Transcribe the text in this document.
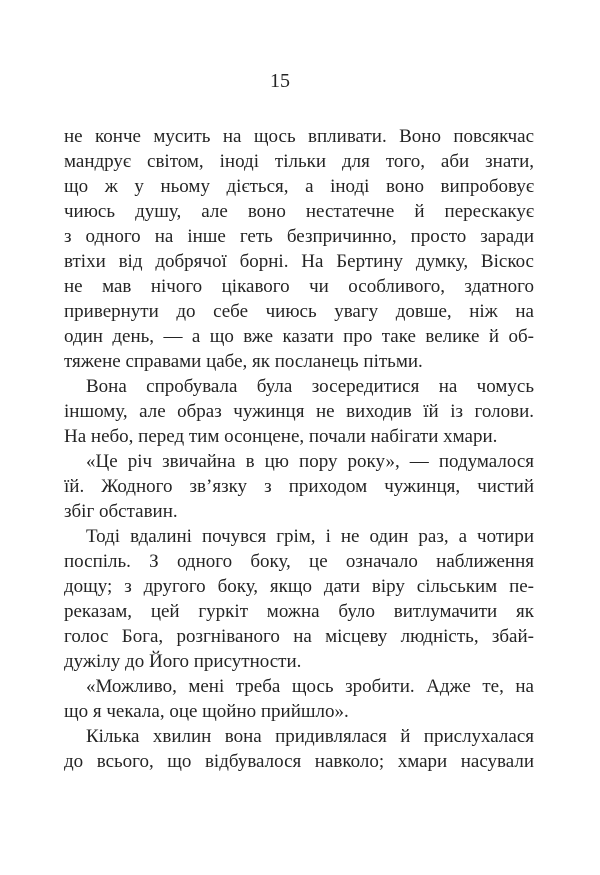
15
не конче мусить на щось впливати. Воно повсякчас
мандрує світом, іноді тільки для того, аби знати,
що ж у ньому діється, а іноді воно випробовує
чиюсь душу, але воно нестатечне й перескакує
з одного на інше геть безпричинно, просто заради
втіхи від добрячої борні. На Бертину думку, Віскос
не мав нічого цікавого чи особливого, здатного
привернути до себе чиюсь увагу довше, ніж на
один день, — а що вже казати про таке велике й об-
тяжене справами цабе, як посланець пітьми.
Вона спробувала була зосередитися на чомусь
іншому, але образ чужинця не виходив їй із голови.
На небо, перед тим осонцене, почали набігати хмари.
«Це річ звичайна в цю пору року», — подумалося
їй. Жодного зв’язку з приходом чужинця, чистий
збіг обставин.
Тоді вдалині почувся грім, і не один раз, а чотири
поспіль. З одного боку, це означало наближення
дощу; з другого боку, якщо дати віру сільським пе-
реказам, цей гуркіт можна було витлумачити як
голос Бога, розгніваного на місцеву людність, збай-
дужілу до Його присутности.
«Можливо, мені треба щось зробити. Адже те, на
що я чекала, оце щойно прийшло».
Кілька хвилин вона придивлялася й прислухалася
до всього, що відбувалося навколо; хмари насували
